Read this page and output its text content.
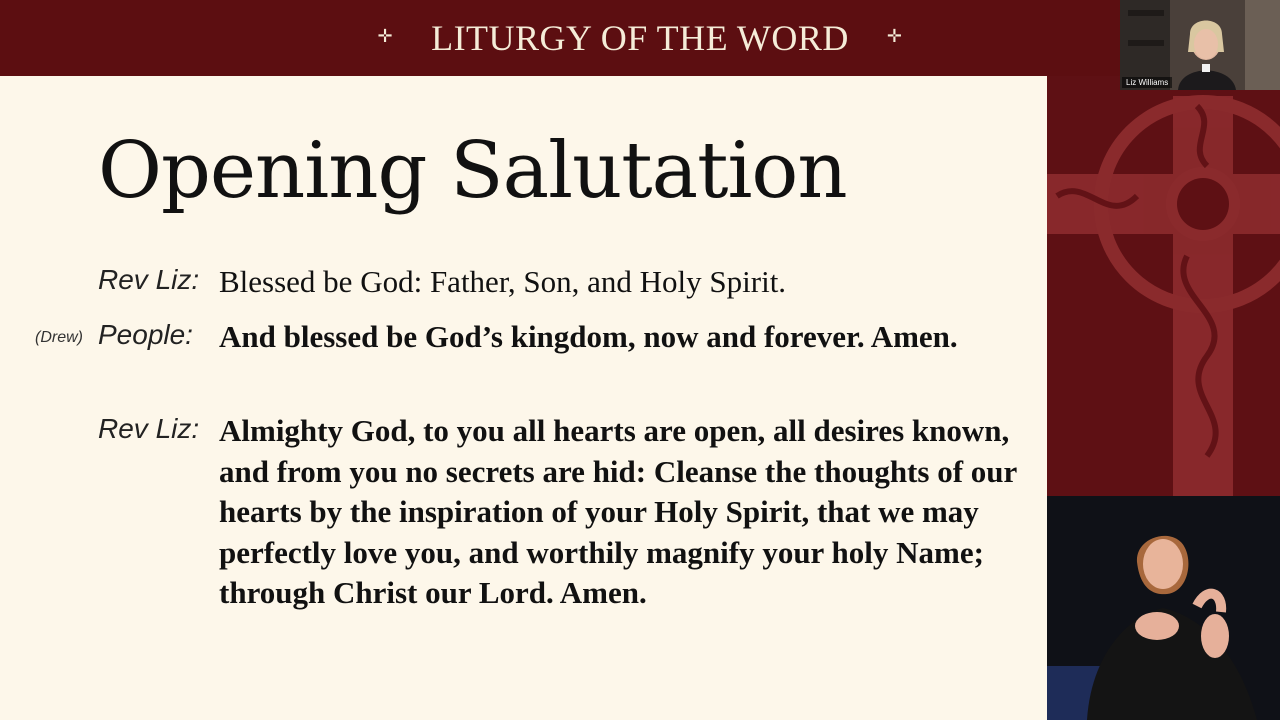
✛ LITURGY OF THE WORD ✛
Opening Salutation
Rev Liz: Blessed be God: Father, Son, and Holy Spirit.
(Drew) People: And blessed be God’s kingdom, now and forever. Amen.
Rev Liz: Almighty God, to you all hearts are open, all desires known, and from you no secrets are hid: Cleanse the thoughts of our hearts by the inspiration of your Holy Spirit, that we may perfectly love you, and worthily magnify your holy Name; through Christ our Lord. Amen.
Liz Williams
